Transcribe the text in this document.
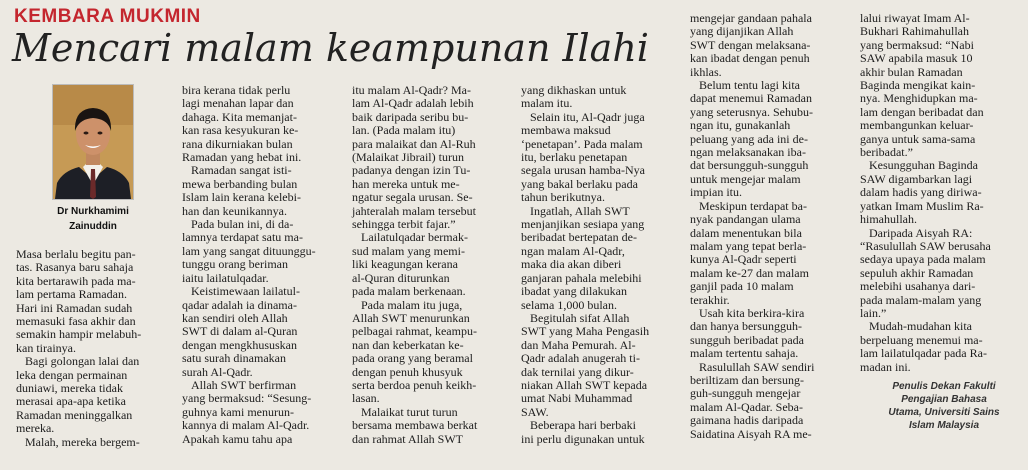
KEMBARA MUKMIN
Mencari malam keampunan Ilahi
Dr Nurkhamimi
Zainuddin
Masa berlalu begitu pan-
tas. Rasanya baru sahaja
kita bertarawih pada ma-
lam pertama Ramadan.
Hari ini Ramadan sudah
memasuki fasa akhir dan
semakin hampir melabuh-
kan tirainya.
Bagi golongan lalai dan
leka dengan permainan
duniawi, mereka tidak
merasai apa-apa ketika
Ramadan meninggalkan
mereka.
Malah, mereka bergem-
bira kerana tidak perlu
lagi menahan lapar dan
dahaga. Kita memanjat-
kan rasa kesyukuran ke-
rana dikurniakan bulan
Ramadan yang hebat ini.
Ramadan sangat isti-
mewa berbanding bulan
Islam lain kerana kelebi-
han dan keunikannya.
Pada bulan ini, di da-
lamnya terdapat satu ma-
lam yang sangat dituunggu-
tunggu orang beriman
iaitu lailatulqadar.
Keistimewaan lailatul-
qadar adalah ia dinama-
kan sendiri oleh Allah
SWT di dalam al-Quran
dengan mengkhususkan
satu surah dinamakan
surah Al-Qadr.
Allah SWT berfirman
yang bermaksud: “Sesung-
guhnya kami menurun-
kannya di malam Al-Qadr.
Apakah kamu tahu apa
itu malam Al-Qadr? Ma-
lam Al-Qadr adalah lebih
baik daripada seribu bu-
lan. (Pada malam itu)
para malaikat dan Al-Ruh
(Malaikat Jibrail) turun
padanya dengan izin Tu-
han mereka untuk me-
ngatur segala urusan. Se-
jahteralah malam tersebut
sehingga terbit fajar.”
Lailatulqadar bermak-
sud malam yang memi-
liki keagungan kerana
al-Quran diturunkan
pada malam berkenaan.
Pada malam itu juga,
Allah SWT menurunkan
pelbagai rahmat, keampu-
nan dan keberkatan ke-
pada orang yang beramal
dengan penuh khusyuk
serta berdoa penuh keikh-
lasan.
Malaikat turut turun
bersama membawa berkat
dan rahmat Allah SWT
yang dikhaskan untuk
malam itu.
Selain itu, Al-Qadr juga
membawa maksud
‘penetapan’. Pada malam
itu, berlaku penetapan
segala urusan hamba-Nya
yang bakal berlaku pada
tahun berikutnya.
Ingatlah, Allah SWT
menjanjikan sesiapa yang
beribadat bertepatan de-
ngan malam Al-Qadr,
maka dia akan diberi
ganjaran pahala melebihi
ibadat yang dilakukan
selama 1,000 bulan.
Begitulah sifat Allah
SWT yang Maha Pengasih
dan Maha Pemurah. Al-
Qadr adalah anugerah ti-
dak ternilai yang dikur-
niakan Allah SWT kepada
umat Nabi Muhammad
SAW.
Beberapa hari berbaki
ini perlu digunakan untuk
mengejar gandaan pahala
yang dijanjikan Allah
SWT dengan melaksana-
kan ibadat dengan penuh
ikhlas.
Belum tentu lagi kita
dapat menemui Ramadan
yang seterusnya. Sehubu-
ngan itu, gunakanlah
peluang yang ada ini de-
ngan melaksanakan iba-
dat bersungguh-sungguh
untuk mengejar malam
impian itu.
Meskipun terdapat ba-
nyak pandangan ulama
dalam menentukan bila
malam yang tepat berla-
kunya Al-Qadr seperti
malam ke-27 dan malam
ganjil pada 10 malam
terakhir.
Usah kita berkira-kira
dan hanya bersungguh-
sungguh beribadat pada
malam tertentu sahaja.
Rasulullah SAW sendiri
beriltizam dan bersung-
guh-sungguh mengejar
malam Al-Qadar. Seba-
gaimana hadis daripada
Saidatina Aisyah RA me-
lalui riwayat Imam Al-
Bukhari Rahimahullah
yang bermaksud: “Nabi
SAW apabila masuk 10
akhir bulan Ramadan
Baginda mengikat kain-
nya. Menghidupkan ma-
lam dengan beribadat dan
membangunkan keluar-
ganya untuk sama-sama
beribadat.”
Kesungguhan Baginda
SAW digambarkan lagi
dalam hadis yang diriwa-
yatkan Imam Muslim Ra-
himahullah.
Daripada Aisyah RA:
“Rasulullah SAW berusaha
sedaya upaya pada malam
sepuluh akhir Ramadan
melebihi usahanya dari-
pada malam-malam yang
lain.”
Mudah-mudahan kita
berpeluang menemui ma-
lam lailatulqadar pada Ra-
madan ini.
Penulis Dekan Fakulti
Pengajian Bahasa
Utama, Universiti Sains
Islam Malaysia
